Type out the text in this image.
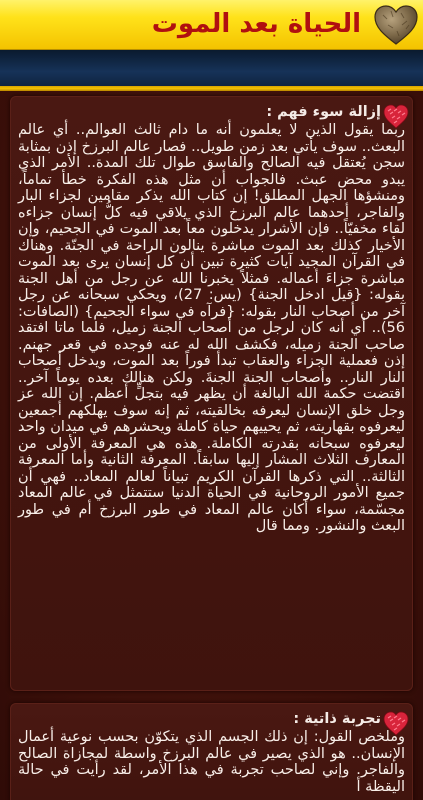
الحياة بعد الموت
إزالة سوء فهم :
ربما يقول الذين لا يعلمون أنه ما دام ثالث العوالم.. أي عالم البعث.. سوف يأتي بعد زمن طويل.. فصار عالم البرزخ إذن بمثابة سجن يُعتقل فيه الصالح والفاسق طوال تلك المدة.. الأمر الذي يبدو محض عبث. فالجواب أن مثل هذه الفكرة خطأ تماماً، ومنشؤها الجهل المطلق! إن كتاب الله يذكر مقامين لجزاء البار والفاجر، أحدهما عالم البرزخ الذي يلاقي فيه كلُّ إنسان جزاءه لقاء مخفيّاً.. فإن الأشرار يدخلون معاً بعد الموت في الجحيم، وإن الأخيار كذلك بعد الموت مباشرة ينالون الراحة في الجنّة. وهناك في القرآن المجيد آيات كثيرة تبين أن كل إنسان يرى بعد الموت مباشرة جزاءَ أعماله. فمثلاً يخبرنا الله عن رجل من أهل الجنة بقوله: {قيل ادخل الجنة} (يس: 27)، ويحكي سبحانه عن رجل آخر من أصحاب النار بقوله: {فرآه في سواء الجحيم} (الصافات: 56).. أي أنه كان لرجل من أصحاب الجنة زميل، فلما ماتا افتقد صاحب الجنة زميله، فكشف الله له عنه فوجده في قعر جهنم. إذن فعملية الجزاء والعقاب تبدأ فوراً بعد الموت، ويدخل أصحاب النار النار.. وأصحاب الجنة الجنةَ. ولكن هنالك بعده يوماً آخر.. اقتضت حكمة الله البالغة أن يظهر فيه بتجلٍّ أعظم. إن الله عز وجل خلق الإنسان ليعرفه بخالقيته، ثم إنه سوف يهلكهم أجمعين ليعرفوه بقهاريته، ثم يحييهم حياة كاملة ويحشرهم في ميدان واحد ليعرفوه سبحانه بقدرته الكاملة. هذه هي المعرفة الأولى من المعارف الثلاث المشار إليها سابقاً. المعرفة الثانية وأما المعرفة الثالثة.. التي ذكرها القرآن الكريم تبياناً لعالم المعاد.. فهي أن جميع الأمور الروحانية في الحياة الدنيا ستتمثل في عالم المعاد مجسّمة، سواء أكان عالم المعاد في طور البرزخ أم في طور البعث والنشور. ومما قال
تجربة ذاتية :
وملخص القول: إن ذلك الجسم الذي يتكوّن بحسب نوعية أعمال الإنسان.. هو الذي يصير في عالم البرزخ واسطة لمجازاة الصالح والفاجر. وإني لصاحب تجربة في هذا الأمر، لقد رأيت في حالة اليقظة أ
